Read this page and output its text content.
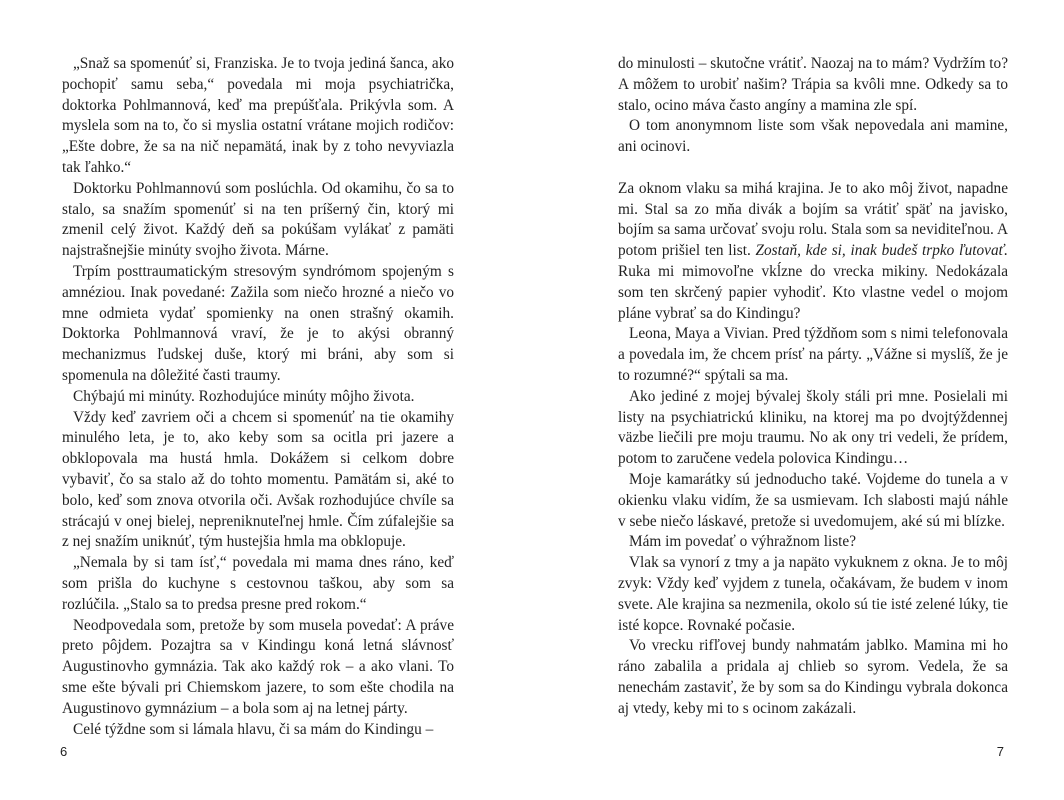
„Snaž sa spomenúť si, Franziska. Je to tvoja jediná šanca, ako pochopiť samu seba,“ povedala mi moja psychiatrička, doktorka Pohlmannová, keď ma prepúšťala. Prikývla som. A myslela som na to, čo si myslia ostatní vrátane mojich rodičov: „Ešte dobre, že sa na nič nepamätá, inak by z toho nevyviazla tak ľahko.“

Doktorku Pohlmannovú som poslúchla. Od okamihu, čo sa to stalo, sa snažím spomenúť si na ten príšerný čin, ktorý mi zmenil celý život. Každý deň sa pokúšam vylákať z pamäti najstrašnejšie minúty svojho života. Márne.

Trpím posttraumatickým stresovým syndrómom spojeným s amnéziou. Inak povedané: Zažila som niečo hrozné a niečo vo mne odmieta vydať spomienky na onen strašný okamih. Doktorka Pohlmannová vraví, že je to akýsi obranný mechanizmus ľudskej duše, ktorý mi bráni, aby som si spomenula na dôležité časti traumy.

Chýbajú mi minúty. Rozhodujúce minúty môjho života.

Vždy keď zavriem oči a chcem si spomenúť na tie okamihy minulého leta, je to, ako keby som sa ocitla pri jazere a obklopovala ma hustá hmla. Dokážem si celkom dobre vybaviť, čo sa stalo až do tohto momentu. Pamätám si, aké to bolo, keď som znova otvorila oči. Avšak rozhodujúce chvíle sa strácajú v onej bielej, nepreniknuteľnej hmle. Čím zúfalejšie sa z nej snažím uniknúť, tým hustejšia hmla ma obklopuje.

„Nemala by si tam ísť,“ povedala mi mama dnes ráno, keď som prišla do kuchyne s cestovnou taškou, aby som sa rozlúčila. „Stalo sa to predsa presne pred rokom.“

Neodpovedala som, pretože by som musela povedať: A práve preto pôjdem. Pozajtra sa v Kindingu koná letná slávnosť Augustinovho gymnázia. Tak ako každý rok – a ako vlani. To sme ešte bývali pri Chiemskom jazere, to som ešte chodila na Augustinovo gymnázium – a bola som aj na letnej párty.

Celé týždne som si lámala hlavu, či sa mám do Kindingu –

6

do minulosti – skutočne vrátiť. Naozaj na to mám? Vydržím to? A môžem to urobiť našim? Trápia sa kvôli mne. Odkedy sa to stalo, ocino máva často angíny a mamina zle spí.

O tom anonymnom liste som však nepovedala ani mamine, ani ocinovi.

Za oknom vlaku sa mihá krajina. Je to ako môj život, napadne mi. Stal sa zo mňa divák a bojím sa vrátiť späť na javisko, bojím sa sama určovať svoju rolu. Stala som sa neviditeľnou. A potom prišiel ten list. Zostaň, kde si, inak budeš trpko ľutovať. Ruka mi mimovoľne vkĺzne do vrecka mikiny. Nedokázala som ten skrčený papier vyhodiť. Kto vlastne vedel o mojom pláne vybrať sa do Kindingu?

Leona, Maya a Vivian. Pred týždňom som s nimi telefonovala a povedala im, že chcem prísť na párty. „Vážne si myslíš, že je to rozumné?“ spýtali sa ma.

Ako jediné z mojej bývalej školy stáli pri mne. Posielali mi listy na psychiatrickú kliniku, na ktorej ma po dvojtýždennej väzbe liečili pre moju traumu. No ak ony tri vedeli, že prídem, potom to zaručene vedela polovica Kindingu…

Moje kamarátky sú jednoducho také. Vojdeme do tunela a v okienku vlaku vidím, že sa usmievam. Ich slabosti majú náhle v sebe niečo láskavé, pretože si uvedomujem, aké sú mi blízke.

Mám im povedať o výhražnom liste?

Vlak sa vynorí z tmy a ja napäto vykuknem z okna. Je to môj zvyk: Vždy keď vyjdem z tunela, očakávam, že budem v inom svete. Ale krajina sa nezmenila, okolo sú tie isté zelené lúky, tie isté kopce. Rovnaké počasie.

Vo vrecku rifľovej bundy nahmatám jablko. Mamina mi ho ráno zabalila a pridala aj chlieb so syrom. Vedela, že sa nenechám zastaviť, že by som sa do Kindingu vybrala dokonca aj vtedy, keby mi to s ocinom zakázali.

7
